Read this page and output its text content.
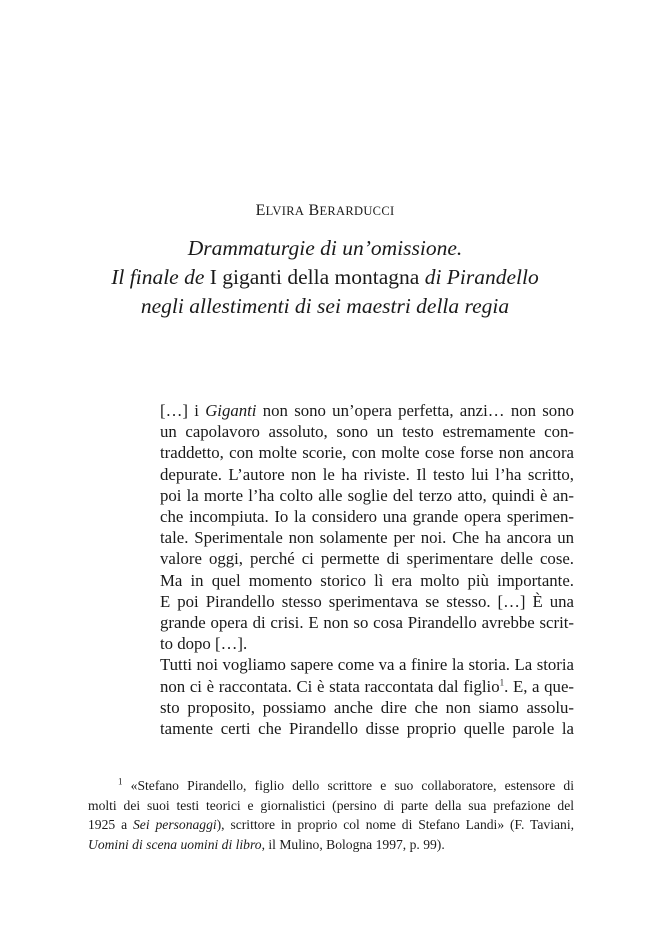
ELVIRA BERARDUCCI
Drammaturgie di un’omissione.
Il finale de I giganti della montagna di Pirandello
negli allestimenti di sei maestri della regia
[…] i Giganti non sono un’opera perfetta, anzi… non sono
un capolavoro assoluto, sono un testo estremamente con-
traddetto, con molte scorie, con molte cose forse non ancora
depurate. L’autore non le ha riviste. Il testo lui l’ha scritto,
poi la morte l’ha colto alle soglie del terzo atto, quindi è an-
che incompiuta. Io la considero una grande opera sperimen-
tale. Sperimentale non solamente per noi. Che ha ancora un
valore oggi, perché ci permette di sperimentare delle cose.
Ma in quel momento storico lì era molto più importante.
E poi Pirandello stesso sperimentava se stesso. […] È una
grande opera di crisi. E non so cosa Pirandello avrebbe scrit-
to dopo […].
Tutti noi vogliamo sapere come va a finire la storia. La storia
non ci è raccontata. Ci è stata raccontata dal figlio$^1$. E, a que-
sto proposito, possiamo anche dire che non siamo assolu-
tamente certi che Pirandello disse proprio quelle parole la
$^1$ «Stefano Pirandello, figlio dello scrittore e suo collaboratore, estensore di
molti dei suoi testi teorici e giornalistici (persino di parte della sua prefazione del
1925 a Sei personaggi), scrittore in proprio col nome di Stefano Landi» (F. Taviani,
Uomini di scena uomini di libro, il Mulino, Bologna 1997, p. 99).
